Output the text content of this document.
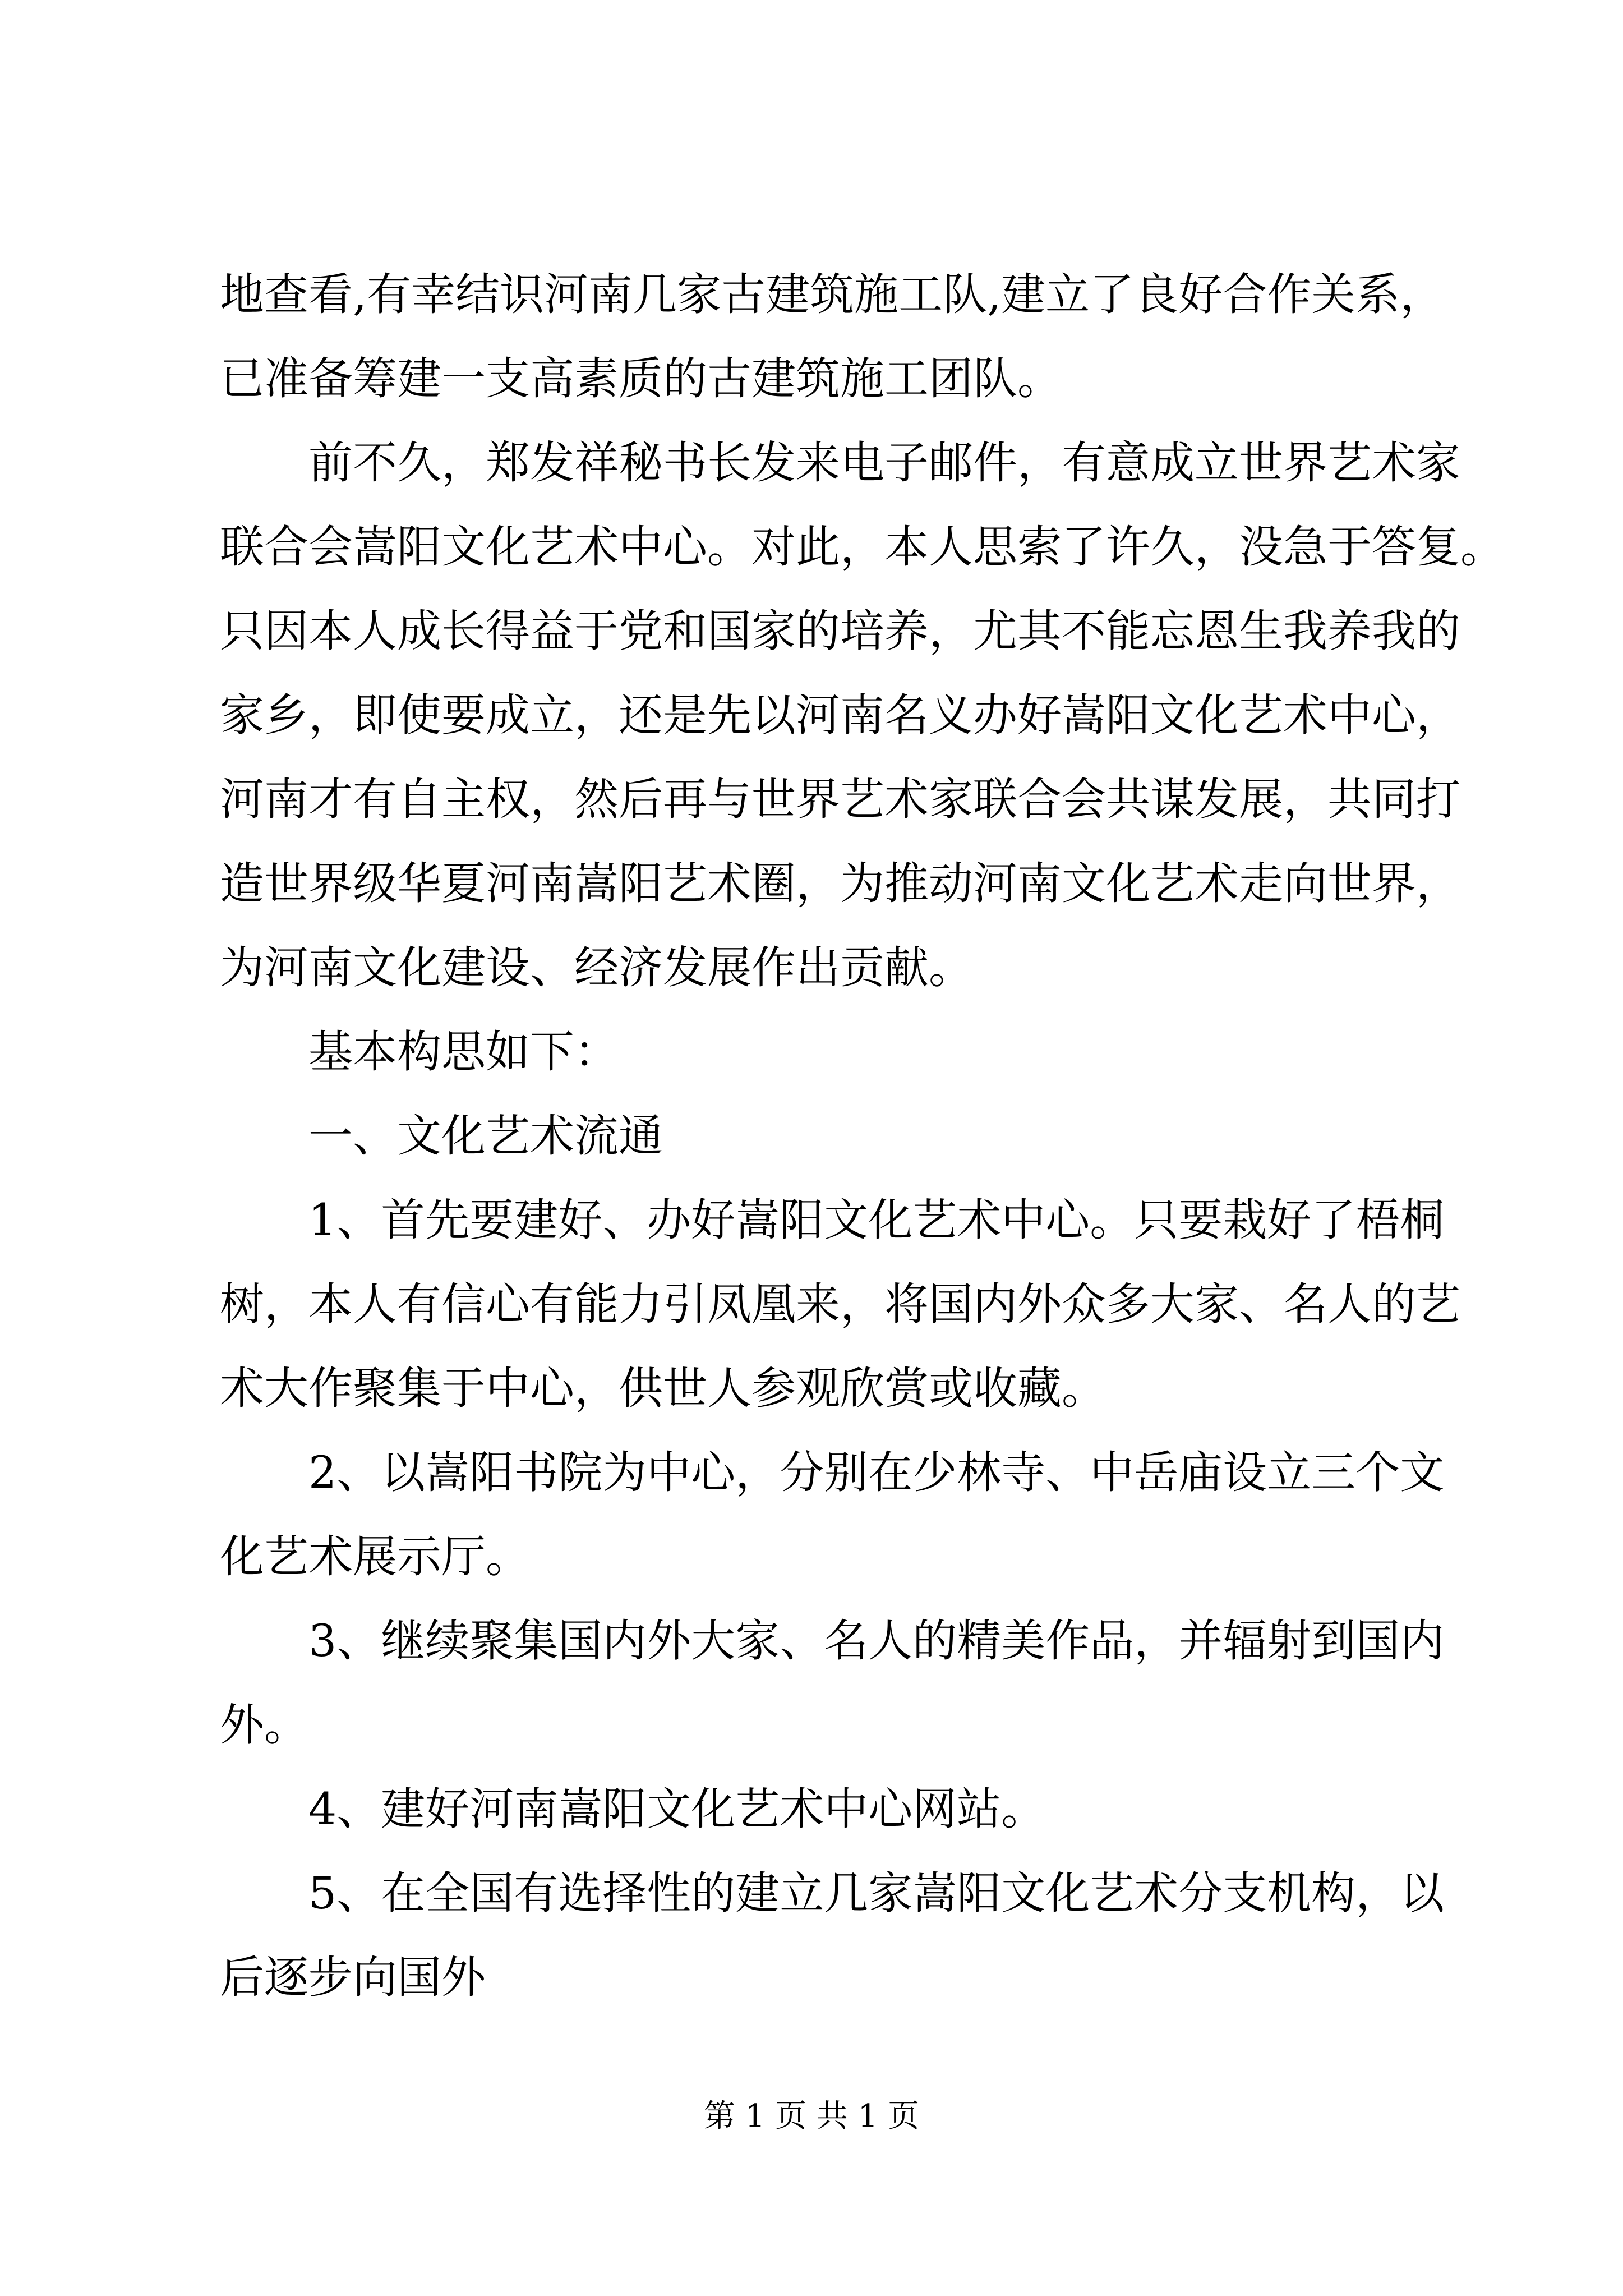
地查看,有幸结识河南几家古建筑施工队,建立了良好合作关系，
已准备筹建一支高素质的古建筑施工团队。

前不久，郑发祥秘书长发来电子邮件，有意成立世界艺术家
联合会嵩阳文化艺术中心。对此，本人思索了许久，没急于答复。
只因本人成长得益于党和国家的培养，尤其不能忘恩生我养我的
家乡，即使要成立，还是先以河南名义办好嵩阳文化艺术中心，
河南才有自主权，然后再与世界艺术家联合会共谋发展，共同打
造世界级华夏河南嵩阳艺术圈，为推动河南文化艺术走向世界，
为河南文化建设、经济发展作出贡献。

基本构思如下：

一、文化艺术流通

1、首先要建好、办好嵩阳文化艺术中心。只要栽好了梧桐
树，本人有信心有能力引凤凰来，将国内外众多大家、名人的艺
术大作聚集于中心，供世人参观欣赏或收藏。

2、以嵩阳书院为中心，分别在少林寺、中岳庙设立三个文
化艺术展示厅。

3、继续聚集国内外大家、名人的精美作品，并辐射到国内
外。

4、建好河南嵩阳文化艺术中心网站。

5、在全国有选择性的建立几家嵩阳文化艺术分支机构，以
后逐步向国外

第 1 页 共 1 页
